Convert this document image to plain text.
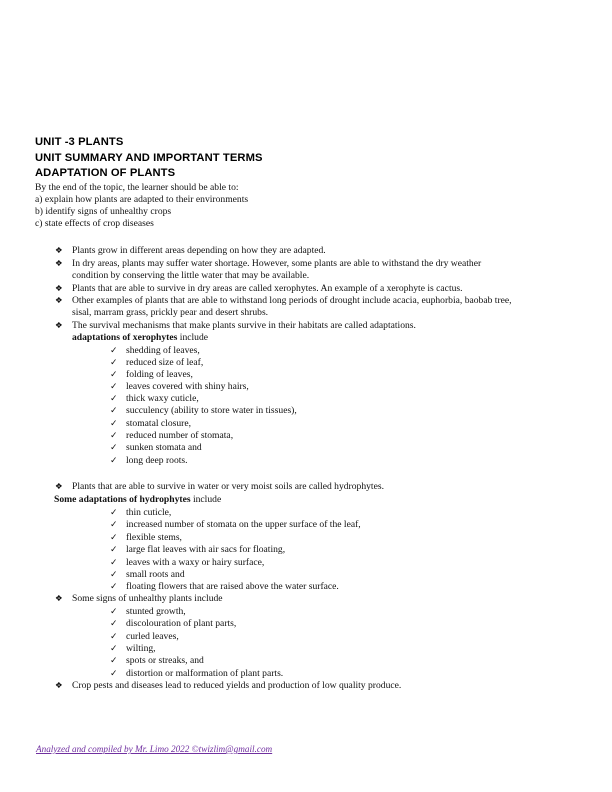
UNIT -3 PLANTS
UNIT SUMMARY AND IMPORTANT TERMS
ADAPTATION OF PLANTS
By the end of the topic, the learner should be able to:
a) explain how plants are adapted to their environments
b) identify signs of unhealthy crops
c) state effects of crop diseases
❖ Plants grow in different areas depending on how they are adapted.
❖ In dry areas, plants may suffer water shortage. However, some plants are able to withstand the dry weather
condition by conserving the little water that may be available.
❖ Plants that are able to survive in dry areas are called xerophytes. An example of a xerophyte is cactus.
❖ Other examples of plants that are able to withstand long periods of drought include acacia, euphorbia, baobab tree,
sisal, marram grass, prickly pear and desert shrubs.
❖ The survival mechanisms that make plants survive in their habitats are called adaptations.
adaptations of xerophytes include
✓ shedding of leaves,
✓ reduced size of leaf,
✓ folding of leaves,
✓ leaves covered with shiny hairs,
✓ thick waxy cuticle,
✓ succulency (ability to store water in tissues),
✓ stomatal closure,
✓ reduced number of stomata,
✓ sunken stomata and
✓ long deep roots.
❖ Plants that are able to survive in water or very moist soils are called hydrophytes.
Some adaptations of hydrophytes include
✓ thin cuticle,
✓ increased number of stomata on the upper surface of the leaf,
✓ flexible stems,
✓ large flat leaves with air sacs for floating,
✓ leaves with a waxy or hairy surface,
✓ small roots and
✓ floating flowers that are raised above the water surface.
❖ Some signs of unhealthy plants include
✓ stunted growth,
✓ discolouration of plant parts,
✓ curled leaves,
✓ wilting,
✓ spots or streaks, and
✓ distortion or malformation of plant parts.
❖ Crop pests and diseases lead to reduced yields and production of low quality produce.
Analyzed and compiled by Mr. Limo 2022 ©twizlim@gmail.com
